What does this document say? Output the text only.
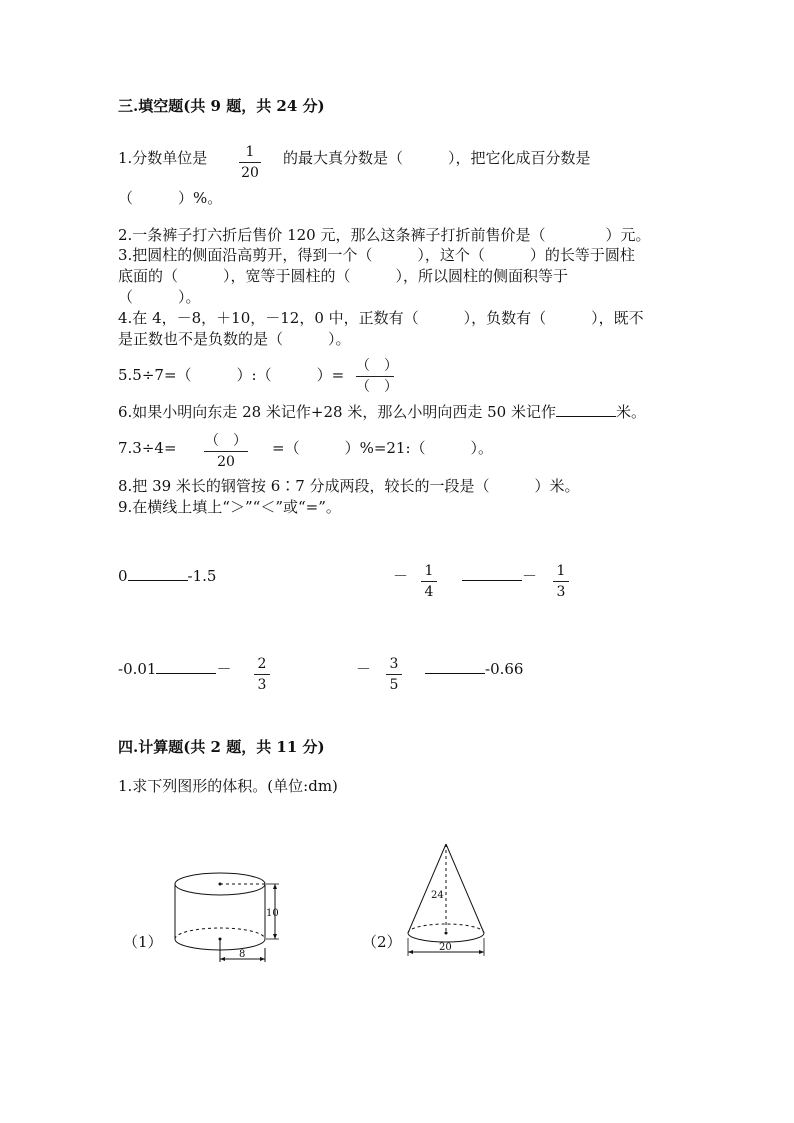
三.填空题(共 9 题，共 24 分)
1.分数单位是	1
20
的最大真分数是（　　　），把它化成百分数是
（　　　）%。
2.一条裤子打六折后售价 120 元，那么这条裤子打折前售价是（　　　　）元。
3.把圆柱的侧面沿高剪开，得到一个（　　　），这个（　　　）的长等于圆柱
底面的（　　　），宽等于圆柱的（　　　），所以圆柱的侧面积等于
（　　　）。
4.在 4，－8，＋10，－12，0 中，正数有（　　　），负数有（　　　），既不
是正数也不是负数的是（　　　）。
5.5÷7=（　　　）:（　　　）= （　）
（　）
6.如果小明向东走 28 米记作+28 米，那么小明向西走 50 米记作	米。
7.3÷4= （　）
20
=（　　　）%=21:（　　　）。
8.把 39 米长的钢管按 6∶7 分成两段，较长的一段是（　　　）米。
9.在横线上填上“＞”“＜”或“=”。
0	-1.5	－ 1
4
－ 1
3
-0.01	－ 2
3
－ 3
5
-0.66
四.计算题(共 2 题，共 11 分)
1.求下列图形的体积。(单位:dm)
（1）	（2）
10
8
24
20
